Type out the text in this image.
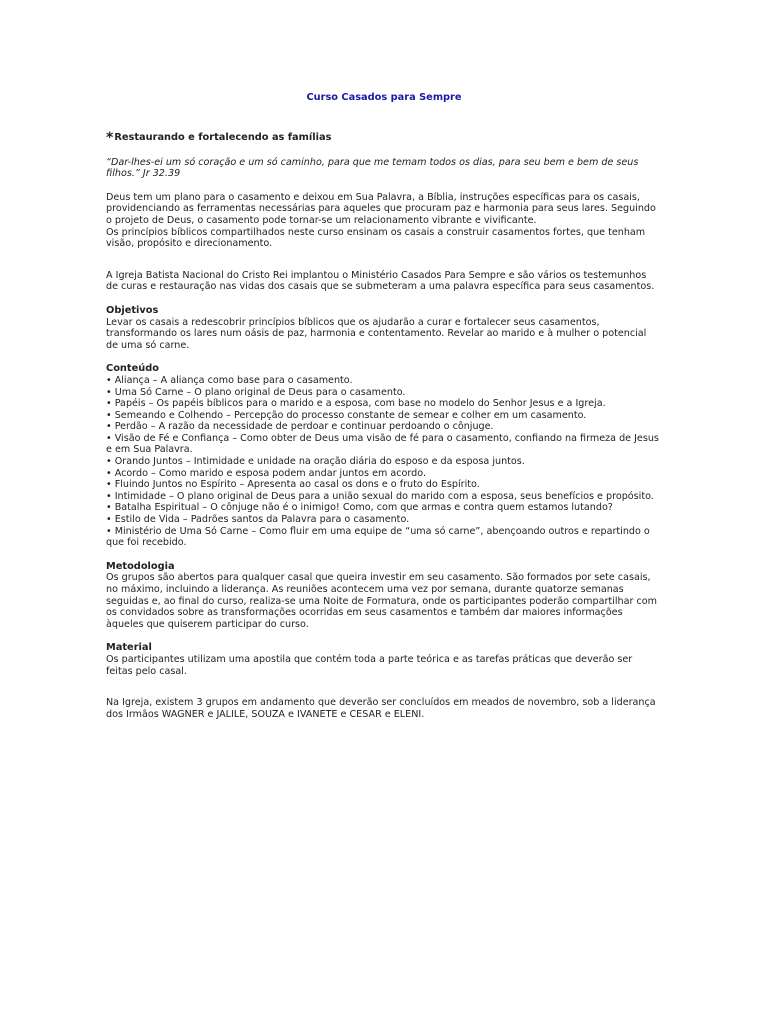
Curso Casados para Sempre

*Restaurando e fortalecendo as famílias

“Dar-lhes-ei um só coração e um só caminho, para que me temam todos os dias, para seu bem e bem de seus filhos.” Jr 32.39

Deus tem um plano para o casamento e deixou em Sua Palavra, a Bíblia, instruções específicas para os casais, providenciando as ferramentas necessárias para aqueles que procuram paz e harmonia para seus lares. Seguindo o projeto de Deus, o casamento pode tornar-se um relacionamento vibrante e vivificante.

Os princípios bíblicos compartilhados neste curso ensinam os casais a construir casamentos fortes, que tenham visão, propósito e direcionamento.

A Igreja Batista Nacional do Cristo Rei implantou o Ministério Casados Para Sempre e são vários os testemunhos de curas e restauração nas vidas dos casais que se submeteram a uma palavra específica para seus casamentos.

Objetivos

Levar os casais a redescobrir princípios bíblicos que os ajudarão a curar e fortalecer seus casamentos, transformando os lares num oásis de paz, harmonia e contentamento. Revelar ao marido e à mulher o potencial de uma só carne.

Conteúdo

• Aliança – A aliança como base para o casamento.
• Uma Só Carne – O plano original de Deus para o casamento.
• Papéis – Os papéis bíblicos para o marido e a esposa, com base no modelo do Senhor Jesus e a Igreja.
• Semeando e Colhendo – Percepção do processo constante de semear e colher em um casamento.
• Perdão – A razão da necessidade de perdoar e continuar perdoando o cônjuge.
• Visão de Fé e Confiança – Como obter de Deus uma visão de fé para o casamento, confiando na firmeza de Jesus e em Sua Palavra.
• Orando Juntos – Intimidade e unidade na oração diária do esposo e da esposa juntos.
• Acordo – Como marido e esposa podem andar juntos em acordo.
• Fluindo Juntos no Espírito – Apresenta ao casal os dons e o fruto do Espírito.
• Intimidade – O plano original de Deus para a união sexual do marido com a esposa, seus benefícios e propósito.
• Batalha Espiritual – O cônjuge não é o inimigo! Como, com que armas e contra quem estamos lutando?
• Estilo de Vida – Padrões santos da Palavra para o casamento.
• Ministério de Uma Só Carne – Como fluir em uma equipe de “uma só carne”, abençoando outros e repartindo o que foi recebido.

Metodologia

Os grupos são abertos para qualquer casal que queira investir em seu casamento. São formados por sete casais, no máximo, incluindo a liderança. As reuniões acontecem uma vez por semana, durante quatorze semanas seguidas e, ao final do curso, realiza-se uma Noite de Formatura, onde os participantes poderão compartilhar com os convidados sobre as transformações ocorridas em seus casamentos e também dar maiores informações àqueles que quiserem participar do curso.

Material

Os participantes utilizam uma apostila que contém toda a parte teórica e as tarefas práticas que deverão ser feitas pelo casal.

Na Igreja, existem 3 grupos em andamento que deverão ser concluídos em meados de novembro, sob a liderança dos Irmãos WAGNER e JALILE, SOUZA e IVANETE e CESAR e ELENI.
